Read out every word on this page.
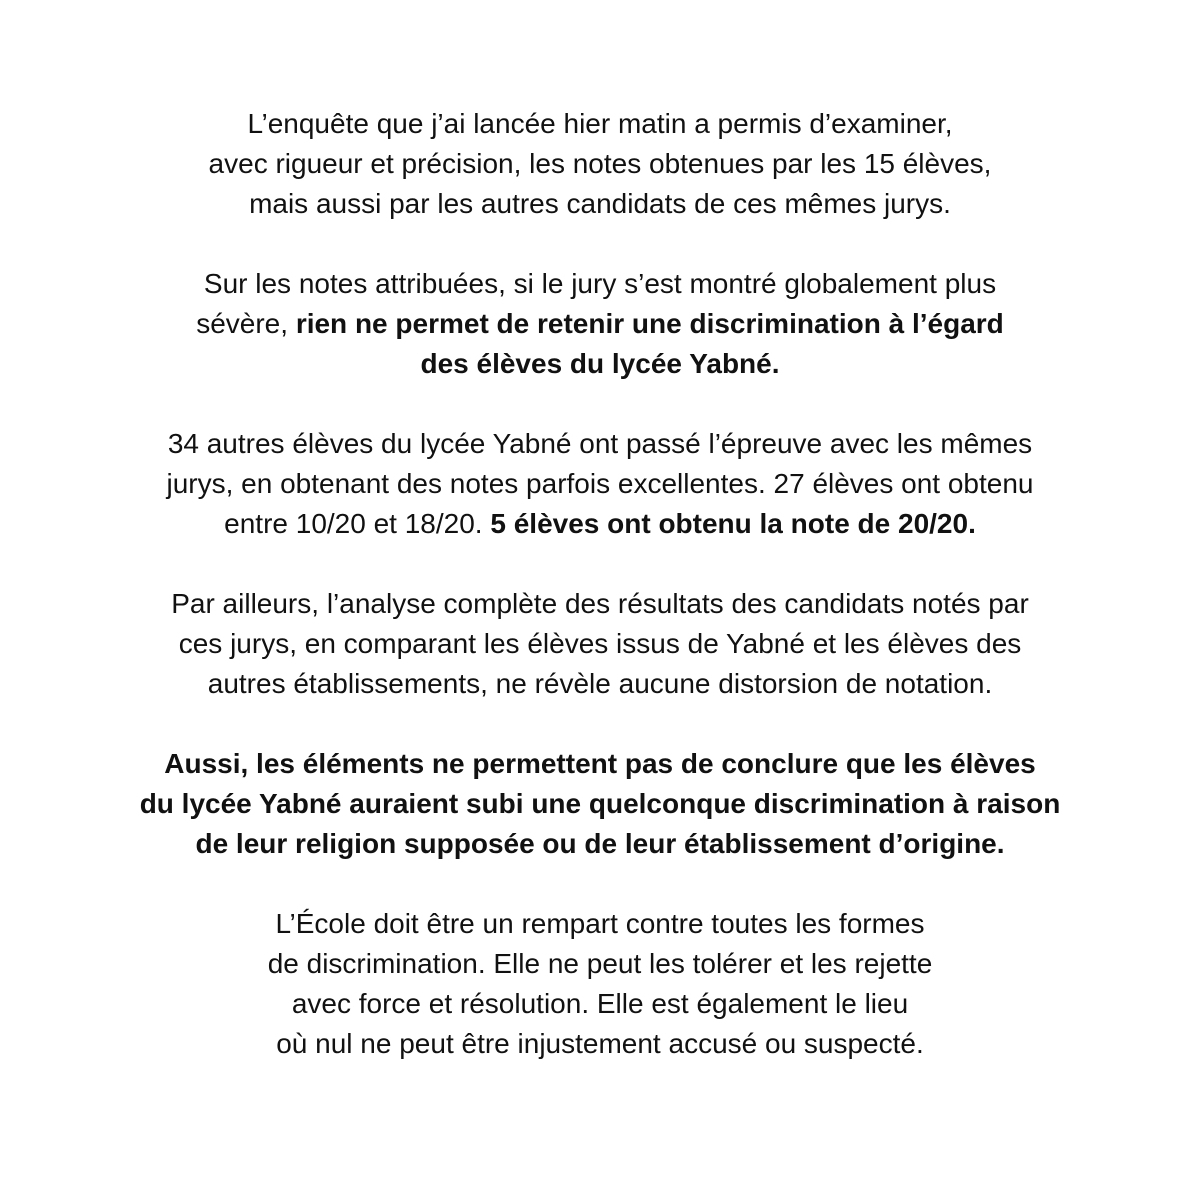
L’enquête que j’ai lancée hier matin a permis d’examiner,
avec rigueur et précision, les notes obtenues par les 15 élèves,
mais aussi par les autres candidats de ces mêmes jurys.

Sur les notes attribuées, si le jury s’est montré globalement plus
sévère, rien ne permet de retenir une discrimination à l’égard
des élèves du lycée Yabné.

34 autres élèves du lycée Yabné ont passé l’épreuve avec les mêmes
jurys, en obtenant des notes parfois excellentes. 27 élèves ont obtenu
entre 10/20 et 18/20. 5 élèves ont obtenu la note de 20/20.

Par ailleurs, l’analyse complète des résultats des candidats notés par
ces jurys, en comparant les élèves issus de Yabné et les élèves des
autres établissements, ne révèle aucune distorsion de notation.

Aussi, les éléments ne permettent pas de conclure que les élèves
du lycée Yabné auraient subi une quelconque discrimination à raison
de leur religion supposée ou de leur établissement d’origine.

L’École doit être un rempart contre toutes les formes
de discrimination. Elle ne peut les tolérer et les rejette
avec force et résolution. Elle est également le lieu
où nul ne peut être injustement accusé ou suspecté.
